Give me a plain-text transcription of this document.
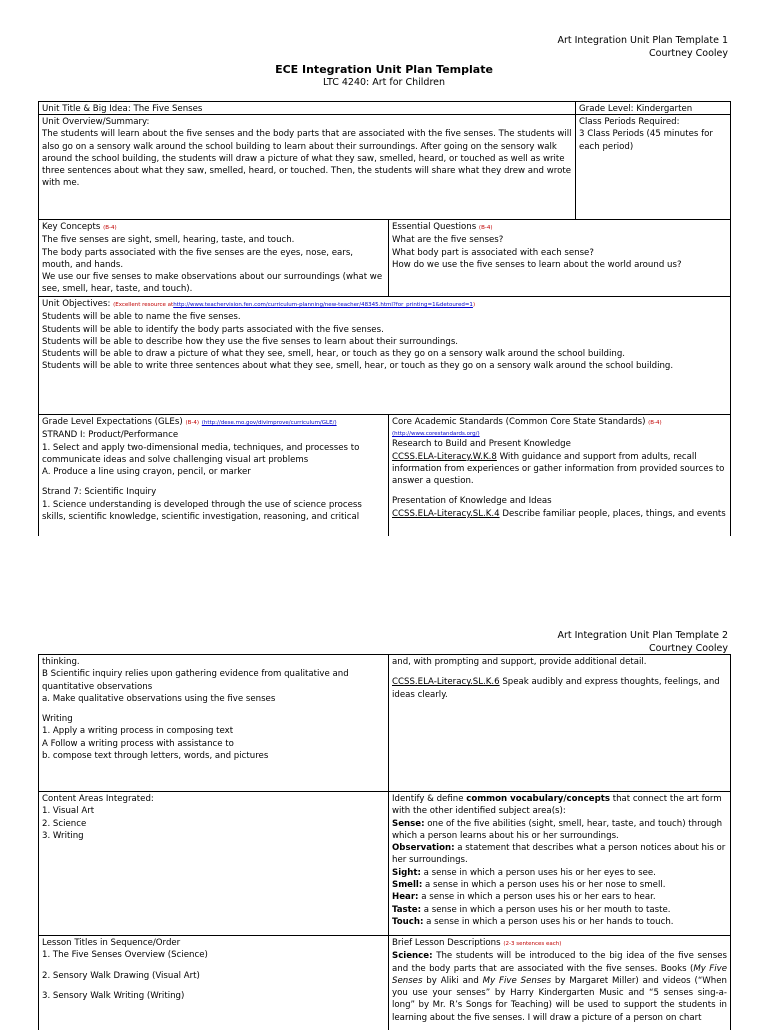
Art Integration Unit Plan Template 1
Courtney Cooley
ECE Integration Unit Plan Template
LTC 4240: Art for Children
Unit Title & Big Idea: The Five Senses	Grade Level: Kindergarten

Unit Overview/Summary:

The students will learn about the five senses and the body parts that are associated with the five senses. The students will also go on a sensory walk around the school building to learn about their surroundings. After going on the sensory walk around the school building, the students will draw a picture of what they saw, smelled, heard, or touched as well as write three sentences about what they saw, smelled, heard, or touched. Then, the students will share what they drew and wrote with me.

Class Periods Required:

3 Class Periods (45 minutes for each period)

Key Concepts (B-4)

The five senses are sight, smell, hearing, taste, and touch.

The body parts associated with the five senses are the eyes, nose, ears, mouth, and hands.

We use our five senses to make observations about our surroundings (what we see, smell, hear, taste, and touch).

Essential Questions (B-4)

What are the five senses?

What body part is associated with each sense?

How do we use the five senses to learn about the world around us?

Unit Objectives: (Excellent resource athttp://www.teachervision.fen.com/curriculum-planning/new-teacher/48345.html?for_printing=1&detoured=1)

Students will be able to name the five senses.

Students will be able to identify the body parts associated with the five senses.

Students will be able to describe how they use the five senses to learn about their surroundings.

Students will be able to draw a picture of what they see, smell, hear, or touch as they go on a sensory walk around the school building.

Students will be able to write three sentences about what they see, smell, hear, or touch as they go on a sensory walk around the school building.

Grade Level Expectations (GLEs) (B-4) (http://dese.mo.gov/divimprove/curriculum/GLE/)

STRAND I: Product/Performance

1. Select and apply two-dimensional media, techniques, and processes to communicate ideas and solve challenging visual art problems

A. Produce a line using crayon, pencil, or marker

Strand 7: Scientific Inquiry

1. Science understanding is developed through the use of science process skills, scientific knowledge, scientific investigation, reasoning, and critical

Core Academic Standards (Common Core State Standards) (B-4)

(http://www.corestandards.org/)

Research to Build and Present Knowledge

CCSS.ELA-Literacy.W.K.8 With guidance and support from adults, recall information from experiences or gather information from provided sources to answer a question.

Presentation of Knowledge and Ideas

CCSS.ELA-Literacy.SL.K.4 Describe familiar people, places, things, and events

Art Integration Unit Plan Template 2
Courtney Cooley

thinking.

B Scientific inquiry relies upon gathering evidence from qualitative and quantitative observations

a. Make qualitative observations using the five senses

Writing

1. Apply a writing process in composing text

A Follow a writing process with assistance to

b. compose text through letters, words, and pictures

and, with prompting and support, provide additional detail.

CCSS.ELA-Literacy.SL.K.6 Speak audibly and express thoughts, feelings, and ideas clearly.

Content Areas Integrated:

1. Visual Art

2. Science

3. Writing

Identify & define common vocabulary/concepts that connect the art form with the other identified subject area(s):

Sense: one of the five abilities (sight, smell, hear, taste, and touch) through which a person learns about his or her surroundings.

Observation: a statement that describes what a person notices about his or her surroundings.

Sight: a sense in which a person uses his or her eyes to see.

Smell: a sense in which a person uses his or her nose to smell.

Hear: a sense in which a person uses his or her ears to hear.

Taste: a sense in which a person uses his or her mouth to taste.

Touch: a sense in which a person uses his or her hands to touch.

Lesson Titles in Sequence/Order

1. The Five Senses Overview (Science)

2. Sensory Walk Drawing (Visual Art)

3. Sensory Walk Writing (Writing)

Brief Lesson Descriptions (2-3 sentences each)

Science: The students will be introduced to the big idea of the five senses and the body parts that are associated with the five senses. Books (My Five Senses by Aliki and My Five Senses by Margaret Miller) and videos (“When you use your senses” by Harry Kindergarten Music and “5 senses sing-a-long” by Mr. R’s Songs for Teaching) will be used to support the students in learning about the five senses. I will draw a picture of a person on chart
